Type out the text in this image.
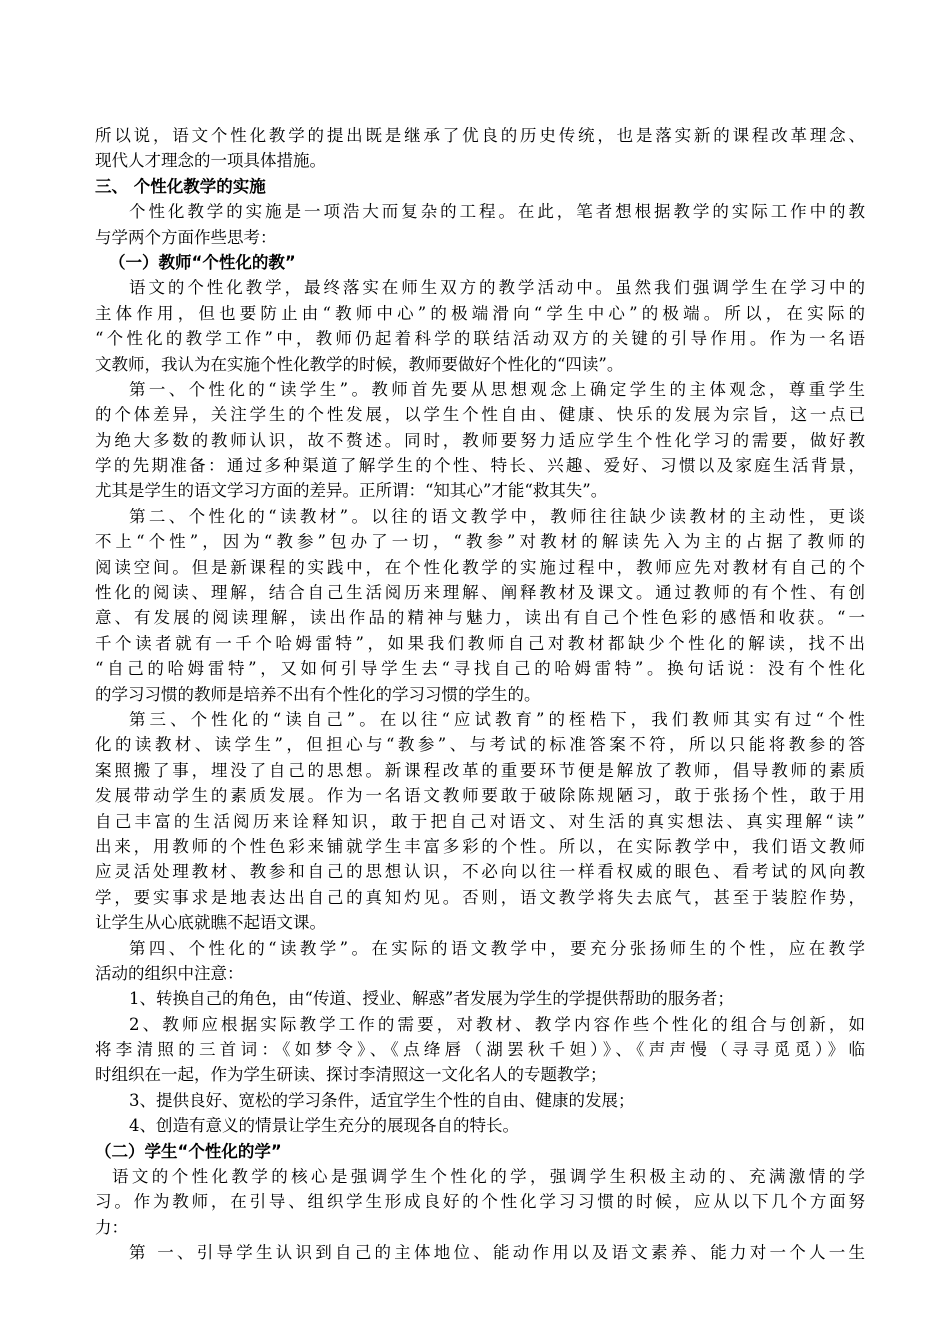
所以说，语文个性化教学的提出既是继承了优良的历史传统，也是落实新的课程改革理念、
现代人才理念的一项具体措施。
三、 个性化教学的实施
个性化教学的实施是一项浩大而复杂的工程。在此，笔者想根据教学的实际工作中的教
与学两个方面作些思考：
（一）教师“个性化的教”
语文的个性化教学，最终落实在师生双方的教学活动中。虽然我们强调学生在学习中的
主体作用，但也要防止由“教师中心”的极端滑向“学生中心”的极端。所以，在实际的
“个性化的教学工作”中，教师仍起着科学的联结活动双方的关键的引导作用。作为一名语
文教师，我认为在实施个性化教学的时候，教师要做好个性化的“四读”。
第一、个性化的“读学生”。教师首先要从思想观念上确定学生的主体观念，尊重学生
的个体差异，关注学生的个性发展，以学生个性自由、健康、快乐的发展为宗旨，这一点已
为绝大多数的教师认识，故不赘述。同时，教师要努力适应学生个性化学习的需要，做好教
学的先期准备：通过多种渠道了解学生的个性、特长、兴趣、爱好、习惯以及家庭生活背景，
尤其是学生的语文学习方面的差异。正所谓：“知其心”才能“救其失”。
第二、个性化的“读教材”。以往的语文教学中，教师往往缺少读教材的主动性，更谈
不上“个性”，因为“教参”包办了一切，“教参”对教材的解读先入为主的占据了教师的
阅读空间。但是新课程的实践中，在个性化教学的实施过程中，教师应先对教材有自己的个
性化的阅读、理解，结合自己生活阅历来理解、阐释教材及课文。通过教师的有个性、有创
意、有发展的阅读理解，读出作品的精神与魅力，读出有自己个性色彩的感悟和收获。“一
千个读者就有一千个哈姆雷特”，如果我们教师自己对教材都缺少个性化的解读，找不出
“自己的哈姆雷特”，又如何引导学生去“寻找自己的哈姆雷特”。换句话说：没有个性化
的学习习惯的教师是培养不出有个性化的学习习惯的学生的。
第三、个性化的“读自己”。在以往“应试教育”的桎梏下，我们教师其实有过“个性
化的读教材、读学生”，但担心与“教参”、与考试的标准答案不符，所以只能将教参的答
案照搬了事，埋没了自己的思想。新课程改革的重要环节便是解放了教师，倡导教师的素质
发展带动学生的素质发展。作为一名语文教师要敢于破除陈规陋习，敢于张扬个性，敢于用
自己丰富的生活阅历来诠释知识，敢于把自己对语文、对生活的真实想法、真实理解“读”
出来，用教师的个性色彩来铺就学生丰富多彩的个性。所以，在实际教学中，我们语文教师
应灵活处理教材、教参和自己的思想认识，不必向以往一样看权威的眼色、看考试的风向教
学，要实事求是地表达出自己的真知灼见。否则，语文教学将失去底气，甚至于装腔作势，
让学生从心底就瞧不起语文课。
第四、个性化的“读教学”。在实际的语文教学中，要充分张扬师生的个性，应在教学
活动的组织中注意：
1、转换自己的角色，由“传道、授业、解惑”者发展为学生的学提供帮助的服务者；
2、教师应根据实际教学工作的需要，对教材、教学内容作些个性化的组合与创新，如
将李清照的三首词：《如梦令》、《点绛唇（湖罢秋千妲）》、《声声慢（寻寻觅觅）》临
时组织在一起，作为学生研读、探讨李清照这一文化名人的专题教学；
3、提供良好、宽松的学习条件，适宜学生个性的自由、健康的发展；
4、创造有意义的情景让学生充分的展现各自的特长。
（二）学生“个性化的学”
语文的个性化教学的核心是强调学生个性化的学，强调学生积极主动的、充满激情的学
习。作为教师，在引导、组织学生形成良好的个性化学习习惯的时候，应从以下几个方面努
力：
第 一、引导学生认识到自己的主体地位、能动作用以及语文素养、能力对一个人一生
